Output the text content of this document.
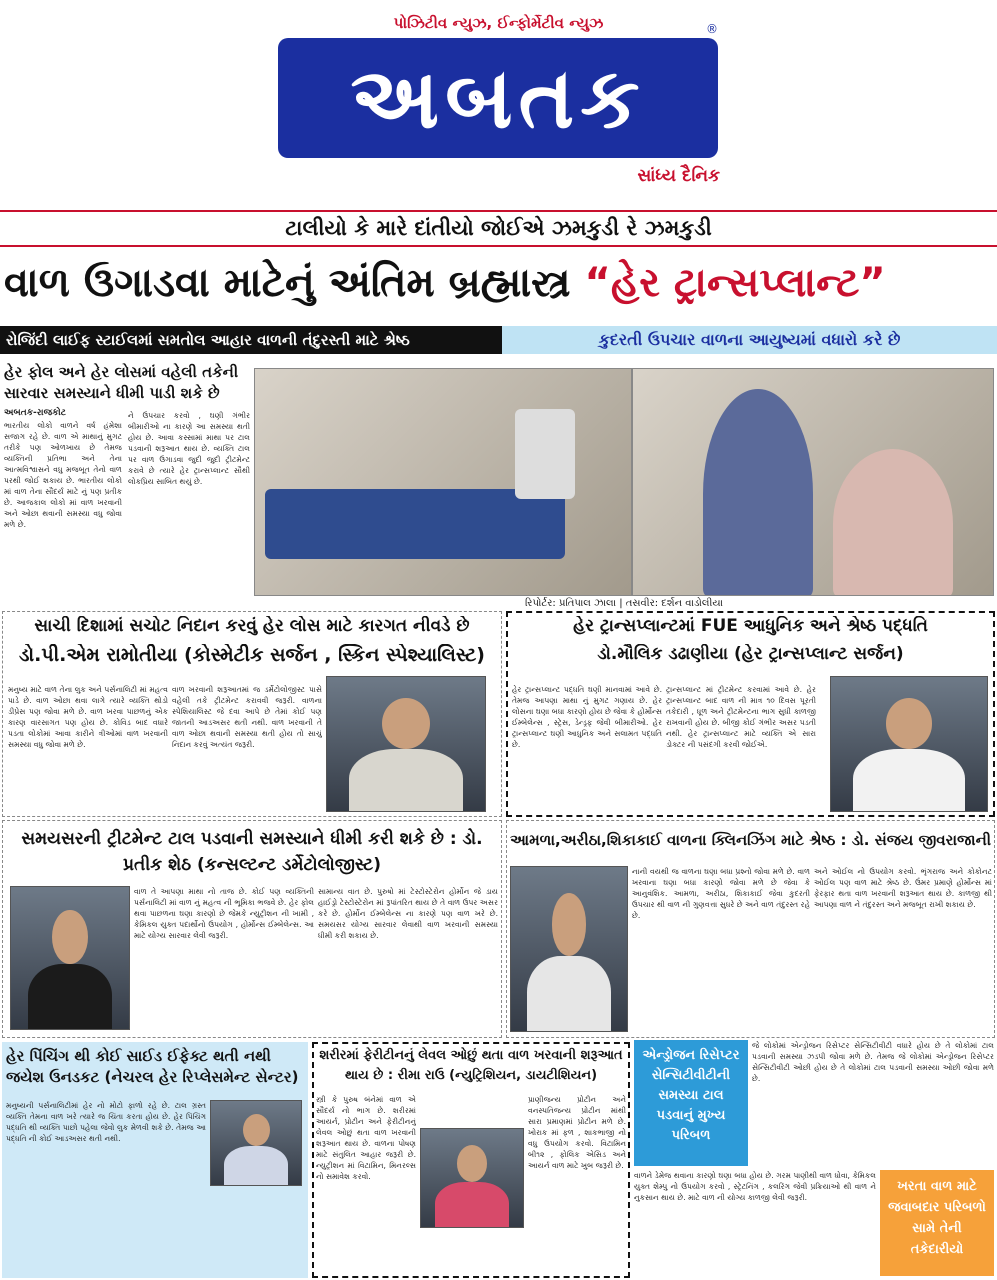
પોઝિટીવ ન્યુઝ, ઈન્ફોર્મેટીવ ન્યુઝ
અબતક
®
સાંધ્ય દૈનિક
ટાલીયો કે મારે દાંતીયો જોઈએ ઝમકુડી રે ઝમકુડી
વાળ ઉગાડવા માટેનું અંતિમ બ્રહ્માસ્ત્ર “હેર ટ્રાન્સપ્લાન્ટ”
રોજિંદી લાઈફ સ્ટાઈલમાં સમતોલ આહાર વાળની તંદુરસ્તી માટે શ્રેષ્ઠ	કુદરતી ઉપચાર વાળના આયુષ્યમાં વધારો કરે છે
હેર ફોલ અને હેર લોસમાં વહેલી તકેની સારવાર સમસ્યાને ધીમી પાડી શકે છે
અબતક-રાજકોટ
ભારતીય લોકો વાળને વર્ષ હંમેશા સજાગ રહે છે. વાળ એ માથાનું મુગટ તરીકે પણ ઓળખાય છે તેમજ વ્યક્તિની પ્રતિભા અને તેના આત્મવિશ્વાસને વધુ મજબૂત તેનો વાળ પરથી જોઈ શકાય છે. ભારતીય લોકો માં વાળ તેના સૌંદર્ય માટે નું પણ પ્રતીક છે. આજકાલ લોકો માં વાળ ખરવાની અને ઓછા થવાની સમસ્યા વધુ જોવા મળે છે.
ને ઉપચાર કરવો , ઘણી ગંભીર બીમારીઓ ના કારણે આ સમસ્યા થતી હોય છે. આવા કસ્સામાં માથા પર ટાલ પડવાની શરૂઆત થાય છે. વ્યક્તિ ટાલ પર વાળ ઉગાડવા જુદી જુદી ટ્રીટમેન્ટ કરાવે છે ત્યારે હેર ટ્રાન્સપ્લાન્ટ સૌથી લોકપ્રિય સાબિત થયું છે.
રિપોર્ટર: પ્રતિપાલ ઝાલા | તસવીર: દર્શન વાડોલીયા
સાચી દિશામાં સચોટ નિદાન કરવું હેર લોસ માટે કારગત નીવડે છે
ડો.પી.એમ રામોતીયા (કોસ્મેટીક સર્જન , સ્કિન સ્પેશ્યાલિસ્ટ)
મનુષ્ય માટે વાળ તેના લુક અને પર્સનાલિટી માં મહત્વ પાડે છે. વાળ ઓછા થવા લાગે ત્યારે વ્યક્તિ થોડો ડીપ્રેસ પણ જોવા મળે છે. વાળ ખરવા પાછળનું એક કારણ વારસાગત પણ હોય છે. કોવિડ બાદ વધારે પડતા લોકોમાં આવા કારીને ત્રીઓમાં વાળ ખરવાની સમસ્યા વધુ જોવા મળે છે.
વાળ ખરવાની શરૂઆતમાં જ ડર્મેટોલોજીસ્ટ પાસે વહેલી તકે ટ્રીટમેન્ટ કરાવવી જરૂરી. વાળના સ્પેશિયાલિસ્ટ જે દવા આપે છે તેમાં કોઈ પણ જાતની આડઅસર થતી નથી. વાળ ખરવાની તે વાળ ઓછા થવાની સમસ્યા થતી હોય તો સાચું નિદાન કરવું અત્યંત જરૂરી.
હેર ટ્રાન્સપ્લાન્ટમાં FUE આધુનિક અને શ્રેષ્ઠ પદ્ધતિ
ડો.મૌલિક ડઢાણીયા (હેર ટ્રાન્સપ્લાન્ટ સર્જન)
હેર ટ્રાન્સપ્લાન્ટ પદ્ધતિ ઘણી માનવામાં આવે છે. તેમજ આપણા માથા નું મુગટ ગણાય છે. હેર લોસના ઘણા બધા કારણો હોય છે જેવા કે હોર્મોન્સ ઈમ્બેલેન્સ , સ્ટ્રેસ, ડેન્ડ્રફ જેવી બીમારીઓ. હેર ટ્રાન્સપ્લાન્ટ ઘણી આધુનિક અને સલામત પદ્ધતિ છે.
ટ્રાન્સપ્લાન્ટ માં ટ્રીટમેન્ટ કરવામાં આવે છે. હેર ટ્રાન્સપ્લાન્ટ બાદ વાળ ની માત્ર ૧૦ દિવસ પૂરતી તકેદારી , ધૂળ અને ટ્રીટમેન્ટના ભાગ સુધી કાળજી રાખવાની હોય છે. બીજી કોઈ ગંભીર અસર પડતી નથી. હેર ટ્રાન્સપ્લાન્ટ માટે વ્યક્તિ એ સારા ડોક્ટર ની પસંદગી કરવી જોઈએ.
સમયસરની ટ્રીટમેન્ટ ટાલ પડવાની સમસ્યાને ધીમી કરી શકે છે : ડો. પ્રતીક શેઠ (કન્સલ્ટન્ટ ડર્મેટોલોજીસ્ટ)
વાળ તે આપણા માથા નો તાજ છે. કોઈ પણ વ્યક્તિની પર્સનાલિટી માં વાળ નું મહત્વ ની ભૂમિકા ભજવે છે. હેર ફોલ થવા પાછળના ઘણા કારણો છે જેમકે ન્યુટ્રીશન ની ખામી , કેમિકલ યુક્ત પદાર્થોનો ઉપયોગ , હોર્મોન્સ ઈમ્બેલેન્સ. આ માટે યોગ્ય સારવાર લેવી જરૂરી.
સામાન્ય વાત છે. પુરુષો માં ટેસ્ટોસ્ટેરોન હોર્મોન જે ડાય હાઈડ્રો ટેસ્ટોસ્ટેરોન માં રૂપાંતરિત થાય છે તે વાળ ઉપર અસર કરે છે. હોર્મોન ઈમ્બેલેન્સ ના કારણે પણ વાળ ખરે છે. સમયસર યોગ્ય સારવાર લેવાથી વાળ ખરવાની સમસ્યા ધીમી કરી શકાય છે.
આમળા,અરીઠા,શિકાકાઈ વાળના ક્લિનઝિંગ માટે શ્રેષ્ઠ : ડો. સંજય જીવરાજાની
નાની વયથી જ વાળના ઘણા બધા પ્રશ્નો જોવા મળે છે. વાળ ખરવાના ઘણા બધા કારણો જોવા મળે છે જેવા કે આનુવંશિક. આમળા, અરીઠા, શિકાકાઈ જેવા કુદરતી ઉપચાર થી વાળ ની ગુણવત્તા સુધરે છે અને વાળ તંદુરસ્ત રહે છે.
અને ઓઈલ નો ઉપયોગ કરવો. ભૃંગરાજ અને કોકોનટ ઓઈલ પણ વાળ માટે શ્રેષ્ઠ છે. ઉંમર પ્રમાણે હોર્મોન્સ માં ફેરફાર થતા વાળ ખરવાની શરૂઆત થાય છે. કાળજી થી આપણા વાળ ને તંદુરસ્ત અને મજબૂત રાખી શકાય છે.
હેર પિંચિંગ થી કોઈ સાઈડ ઈફેક્ટ થતી નથી જયેશ ઉનડકટ (નેચરલ હેર રિપ્લેસમેન્ટ સેન્ટર)
મનુષ્યની પર્સનાલિટીમાં હેર નો મોટો ફાળો રહે છે. ટાલ ગ્રસ્ત વ્યક્તિ તેમના વાળ ખરે ત્યારે જ ચિંતા કરતા હોય છે. હેર પિંચિંગ પદ્ધતિ થી વ્યક્તિ પાછો પહેલા જેવો લુક મેળવી શકે છે. તેમજ આ પદ્ધતિ ની કોઈ આડઅસર થતી નથી.
શરીરમાં ફેરીટીનનું લેવલ ઓછું થતા વાળ ખરવાની શરૂઆત થાય છે : રીમા રાઉ (ન્યુટ્રિશિયન, ડાયટીશિયન)
સ્ત્રી કે પુરુષ બંનેમાં વાળ એ સૌંદર્ય નો ભાગ છે. શરીરમાં આયર્ન, પ્રોટીન અને ફેરીટીનનું લેવલ ઓછું થતા વાળ ખરવાની શરૂઆત થાય છે. વાળના પોષણ માટે સંતુલિત આહાર જરૂરી છે. ન્યુટ્રીશન માં વિટામિન, મિનરલ્સ નો સમાવેશ કરવો.
પ્રાણીજન્ય પ્રોટીન અને વનસ્પતિજન્ય પ્રોટીન માંથી સારા પ્રમાણમાં પ્રોટીન મળે છે. ખોરાક માં ફળ , શાકભાજી નો વધુ ઉપયોગ કરવો. વિટામિન બી૧૨ , ફોલિક એસિડ અને આયર્ન વાળ માટે ખુબ જરૂરી છે.
એન્ડ્રોજન રિસેપ્ટર સેન્સિટીવીટીની સમસ્યા ટાલ પડવાનું મુખ્ય પરિબળ
જે લોકોમાં એન્ડ્રોજન રિસેપ્ટર સેન્સિટીવીટી વધારે હોય છે તે લોકોમાં ટાલ પડવાની સમસ્યા ઝડપી જોવા મળે છે. તેમજ જે લોકોમાં એન્ડ્રોજન રિસેપ્ટર સેન્સિટીવીટી ઓછી હોય છે તે લોકોમાં ટાલ પડવાની સમસ્યા ઓછી જોવા મળે છે.
વાળને ડેમેજ થવાના કારણો ઘણા બધા હોય છે. ગરમ પાણીથી વાળ ધોવા, કેમિકલ યુક્ત શેમ્પુ નો ઉપયોગ કરવો , સ્ટ્રેટનિંગ , કલરિંગ જેવી પ્રક્રિયાઓ થી વાળ ને નુકસાન થાય છે. માટે વાળ ની યોગ્ય કાળજી લેવી જરૂરી.
ખરતા વાળ માટે જવાબદાર પરિબળો સામે તેની તકેદારીયો
